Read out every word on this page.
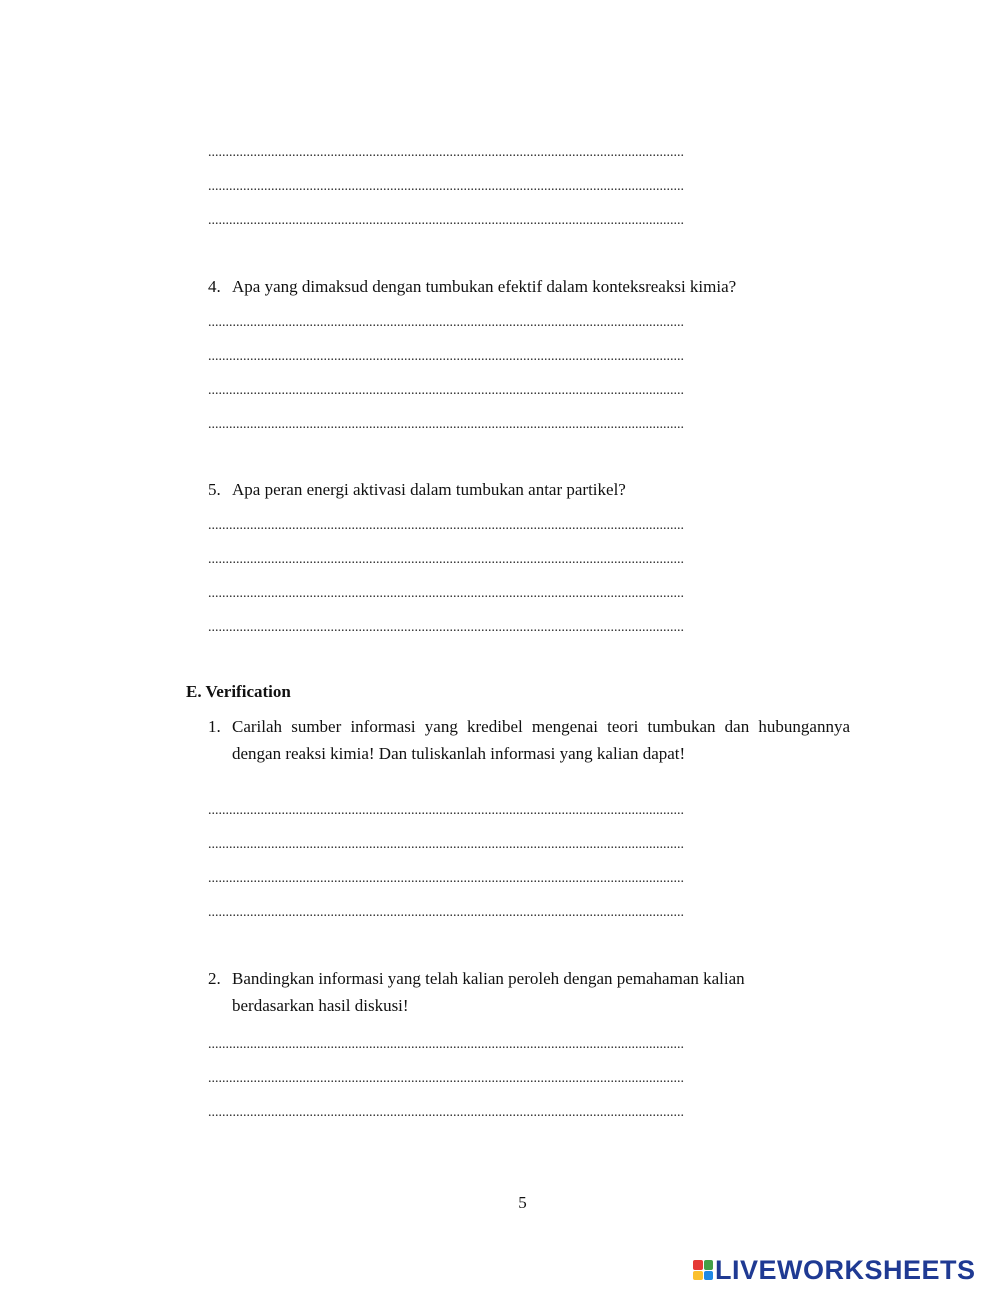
........................................................................................................................................
........................................................................................................................................
........................................................................................................................................
4. Apa yang dimaksud dengan tumbukan efektif dalam konteksreaksi kimia?
........................................................................................................................................
........................................................................................................................................
........................................................................................................................................
........................................................................................................................................
5. Apa peran energi aktivasi dalam tumbukan antar partikel?
........................................................................................................................................
........................................................................................................................................
........................................................................................................................................
........................................................................................................................................
E. Verification
1. Carilah sumber informasi yang kredibel mengenai teori tumbukan dan hubungannya dengan reaksi kimia! Dan tuliskanlah informasi yang kalian dapat!
........................................................................................................................................
........................................................................................................................................
........................................................................................................................................
........................................................................................................................................
2. Bandingkan informasi yang telah kalian peroleh dengan pemahaman kalian berdasarkan hasil diskusi!
........................................................................................................................................
........................................................................................................................................
........................................................................................................................................
5
LIVEWORKSHEETS
